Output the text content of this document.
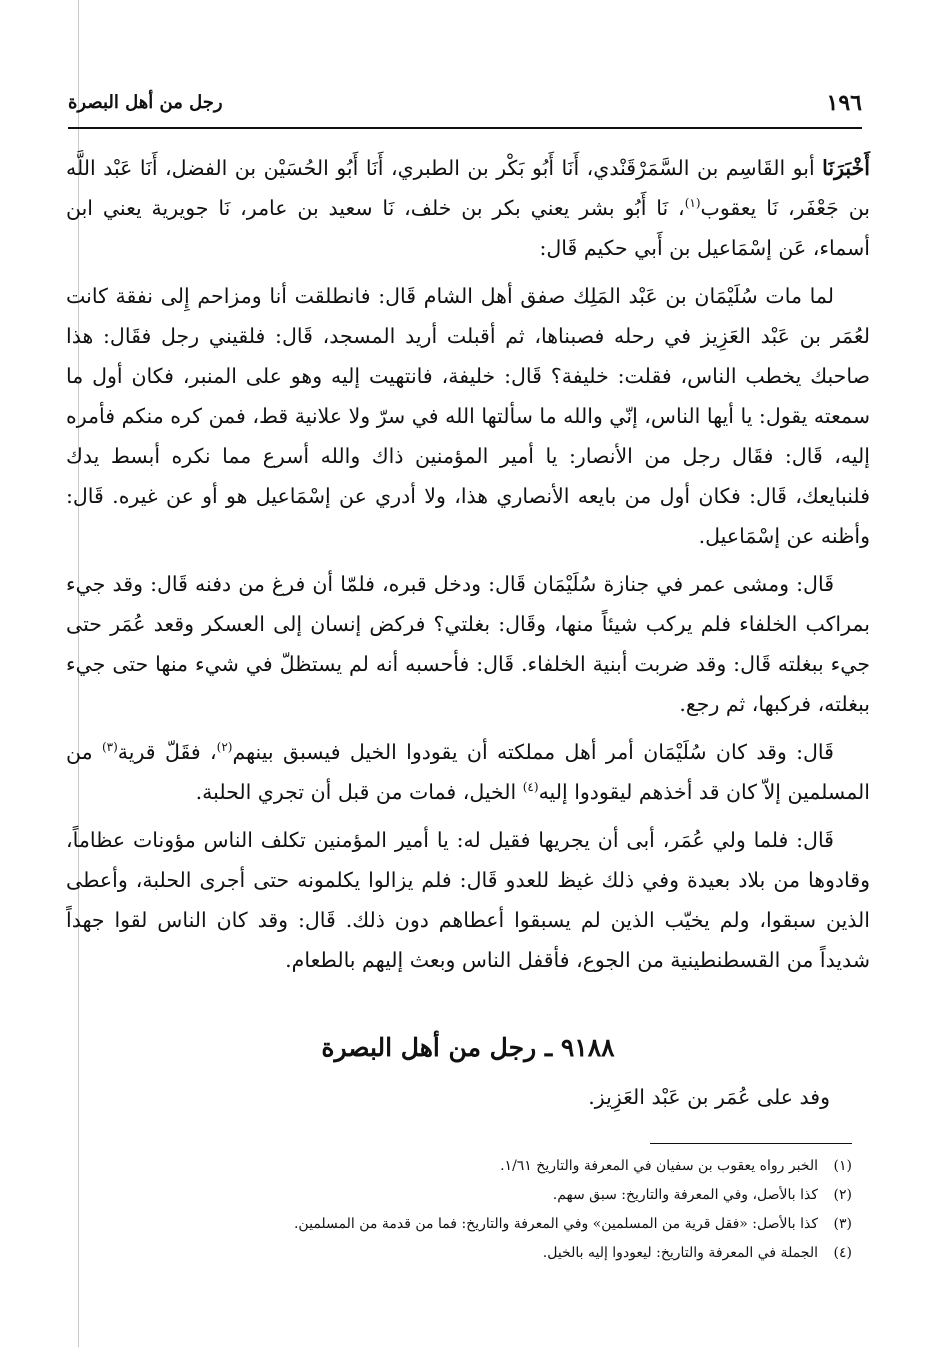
١٩٦
رجل من أهل البصرة

أَخْبَرَنَا أبو القَاسِم بن السَّمَرْقَنْدي، أَنَا أَبُو بَكْر بن الطبري، أَنَا أَبُو الحُسَيْن بن الفضل، أَنَا عَبْد اللَّه بن جَعْفَر، نَا يعقوب$^{(١)}$، نَا أَبُو بشر يعني بكر بن خلف، نَا سعيد بن عامر، نَا جويرية يعني ابن أسماء، عَن إسْمَاعيل بن أَبي حكيم قَال:

لما مات سُلَيْمَان بن عَبْد المَلِك صفق أهل الشام قَال: فانطلقت أنا ومزاحم إِلى نفقة كانت لعُمَر بن عَبْد العَزِيز في رحله فصبناها، ثم أقبلت أريد المسجد، قَال: فلقيني رجل فقَال: هذا صاحبك يخطب الناس، فقلت: خليفة؟ قَال: خليفة، فانتهيت إليه وهو على المنبر، فكان أول ما سمعته يقول: يا أيها الناس، إنّي والله ما سألتها الله في سرّ ولا علانية قط، فمن كره منكم فأمره إليه، قَال: فقَال رجل من الأنصار: يا أمير المؤمنين ذاك والله أسرع مما نكره أبسط يدك فلنبايعك، قَال: فكان أول من بايعه الأنصاري هذا، ولا أدري عن إسْمَاعيل هو أو عن غيره. قَال: وأظنه عن إسْمَاعيل.

قَال: ومشى عمر في جنازة سُلَيْمَان قَال: ودخل قبره، فلمّا أن فرغ من دفنه قَال: وقد جيء بمراكب الخلفاء فلم يركب شيئاً منها، وقَال: بغلتي؟ فركض إنسان إلى العسكر وقعد عُمَر حتى جيء ببغلته قَال: وقد ضربت أبنية الخلفاء. قَال: فأحسبه أنه لم يستظلّ في شيء منها حتى جيء ببغلته، فركبها، ثم رجع.

قَال: وقد كان سُلَيْمَان أمر أهل مملكته أن يقودوا الخيل فيسبق بينهم$^{(٢)}$، فقَلّ قرية$^{(٣)}$ من المسلمين إلاّ كان قد أخذهم ليقودوا إليه$^{(٤)}$ الخيل، فمات من قبل أن تجري الحلبة.

قَال: فلما ولي عُمَر، أبى أن يجريها فقيل له: يا أمير المؤمنين تكلف الناس مؤونات عظاماً، وقادوها من بلاد بعيدة وفي ذلك غيظ للعدو قَال: فلم يزالوا يكلمونه حتى أجرى الحلبة، وأعطى الذين سبقوا، ولم يخيّب الذين لم يسبقوا أعطاهم دون ذلك. قَال: وقد كان الناس لقوا جهداً شديداً من القسطنطينية من الجوع، فأقفل الناس وبعث إليهم بالطعام.

٩١٨٨ ـ رجل من أهل البصرة
وفد على عُمَر بن عَبْد العَزِيز.
(١)
الخبر رواه يعقوب بن سفيان في المعرفة والتاريخ ١/٦١.
(٢)
كذا بالأصل، وفي المعرفة والتاريخ: سبق سهم.
(٣)
كذا بالأصل: «فقل قرية من المسلمين» وفي المعرفة والتاريخ: فما من قدمة من المسلمين.
(٤)
الجملة في المعرفة والتاريخ: ليعودوا إليه بالخيل.
